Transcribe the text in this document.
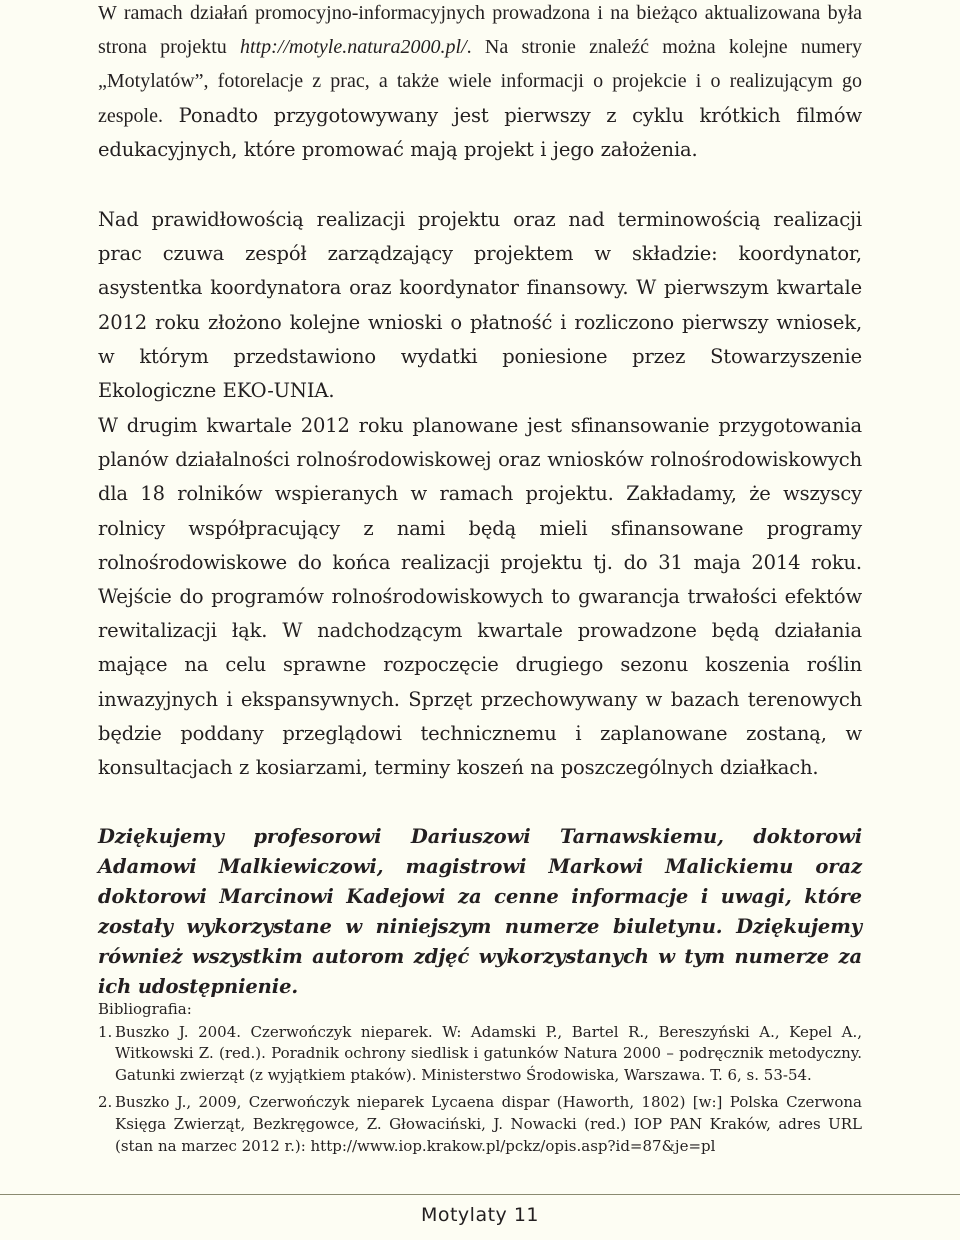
W ramach działań promocyjno-informacyjnych prowadzona i na bieżąco aktualizowana była strona projektu http://motyle.natura2000.pl/. Na stronie znaleźć można kolejne numery „Motylatów”, fotorelacje z prac, a także wiele informacji o projekcie i o realizującym go zespole. Ponadto przygotowywany jest pierwszy z cyklu krótkich filmów edukacyjnych, które promować mają projekt i jego założenia.

Nad prawidłowością realizacji projektu oraz nad terminowością realizacji prac czuwa zespół zarządzający projektem w składzie: koordynator, asystentka koordynatora oraz koordynator finansowy. W pierwszym kwartale 2012 roku złożono kolejne wnioski o płatność i rozliczono pierwszy wniosek, w którym przedstawiono wydatki poniesione przez Stowarzyszenie Ekologiczne EKO-UNIA.

W drugim kwartale 2012 roku planowane jest sfinansowanie przygotowania planów działalności rolnośrodowiskowej oraz wniosków rolnośrodowiskowych dla 18 rolników wspieranych w ramach projektu. Zakładamy, że wszyscy rolnicy współpracujący z nami będą mieli sfinansowane programy rolnośrodowiskowe do końca realizacji projektu tj. do 31 maja 2014 roku. Wejście do programów rolnośrodowiskowych to gwarancja trwałości efektów rewitalizacji łąk. W nadchodzącym kwartale prowadzone będą działania mające na celu sprawne rozpoczęcie drugiego sezonu koszenia roślin inwazyjnych i ekspansywnych. Sprzęt przechowywany w bazach terenowych będzie poddany przeglądowi technicznemu i zaplanowane zostaną, w konsultacjach z kosiarzami, terminy koszeń na poszczególnych działkach.

Dziękujemy profesorowi Dariuszowi Tarnawskiemu, doktorowi Adamowi Malkiewiczowi, magistrowi Markowi Malickiemu oraz doktorowi Marcinowi Kadejowi za cenne informacje i uwagi, które zostały wykorzystane w niniejszym numerze biuletynu. Dziękujemy również wszystkim autorom zdjęć wykorzystanych w tym numerze za ich udostępnienie.

Bibliografia:

1. Buszko J. 2004. Czerwończyk nieparek. W: Adamski P., Bartel R., Bereszyński A., Kepel A., Witkowski Z. (red.). Poradnik ochrony siedlisk i gatunków Natura 2000 – podręcznik metodyczny. Gatunki zwierząt (z wyjątkiem ptaków). Ministerstwo Środowiska, Warszawa. T. 6, s. 53-54.
2. Buszko J., 2009, Czerwończyk nieparek Lycaena dispar (Haworth, 1802) [w:] Polska Czerwona Księga Zwierząt, Bezkręgowce, Z. Głowaciński, J. Nowacki (red.) IOP PAN Kraków, adres URL (stan na marzec 2012 r.): http://www.iop.krakow.pl/pckz/opis.asp?id=87&je=pl
Motylaty 11
